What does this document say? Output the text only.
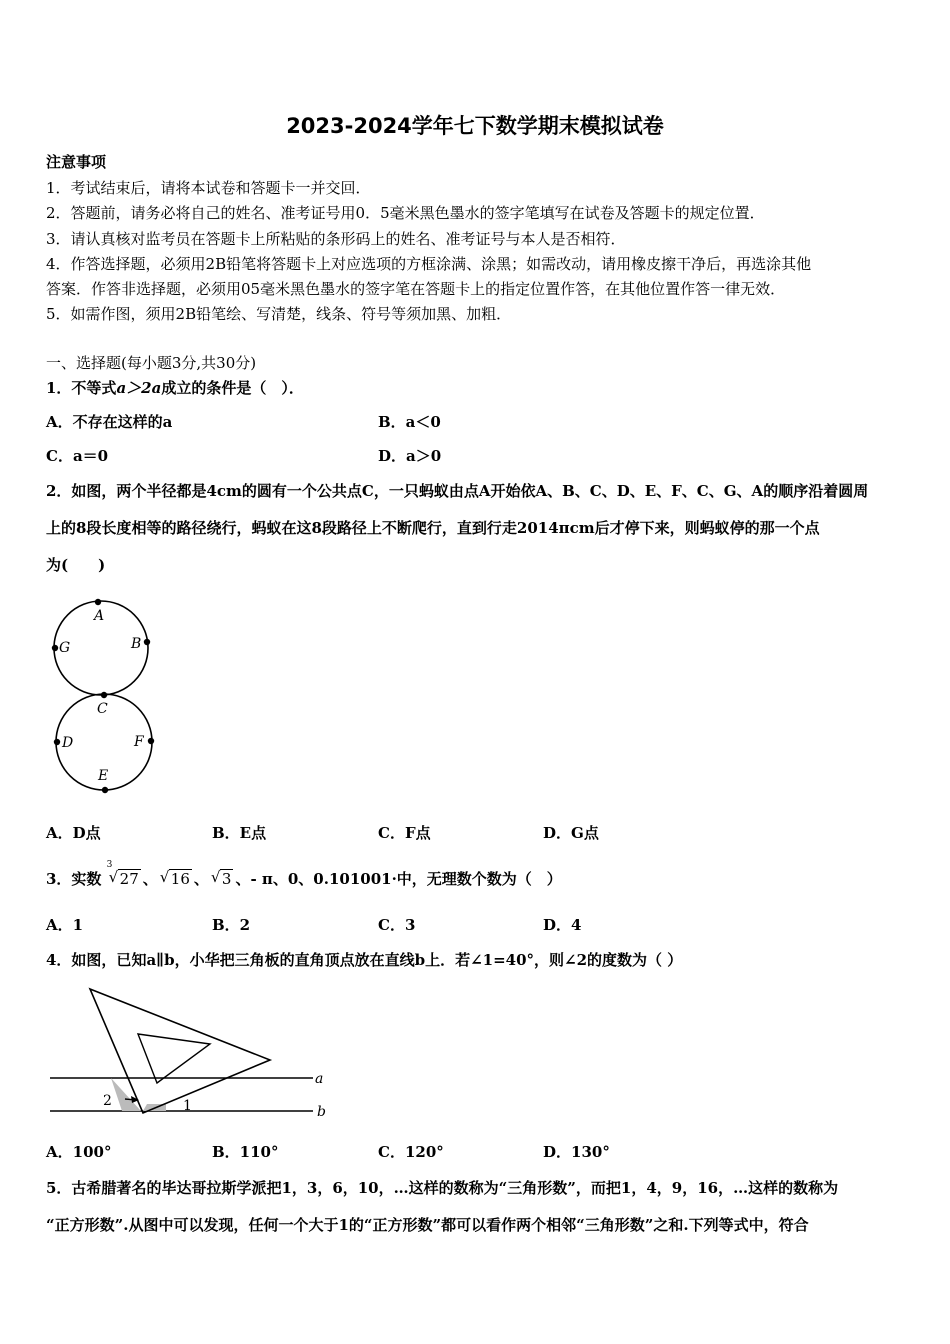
2023-2024学年七下数学期末模拟试卷
注意事项
1．考试结束后，请将本试卷和答题卡一并交回．
2．答题前，请务必将自己的姓名、准考证号用0．5毫米黑色墨水的签字笔填写在试卷及答题卡的规定位置．
3．请认真核对监考员在答题卡上所粘贴的条形码上的姓名、准考证号与本人是否相符．
4．作答选择题，必须用2B铅笔将答题卡上对应选项的方框涂满、涂黑；如需改动，请用橡皮擦干净后，再选涂其他
答案．作答非选择题，必须用05毫米黑色墨水的签字笔在答题卡上的指定位置作答，在其他位置作答一律无效．
5．如需作图，须用2B铅笔绘、写清楚，线条、符号等须加黑、加粗．
一、选择题(每小题3分,共30分)
1．不等式a＞2a成立的条件是（　）．
A．不存在这样的a	B．a＜0
C．a＝0	D．a＞0
2．如图，两个半径都是4cm的圆有一个公共点C，一只蚂蚁由点A开始依A、B、C、D、E、F、C、G、A的顺序沿着圆周
上的8段长度相等的路径绕行，蚂蚁在这8段路径上不断爬行，直到行走2014πcm后才停下来，则蚂蚁停的那一个点
为(　　)
A
B
G
C
D	F
E
A．D点	B．E点	C．F点	D．G点
3．实数
3
√ 27 、 √ 16 、 √ 3 、- π、0、0.101001·中，无理数个数为（　）
A．1	B．2	C．3	D．4
4．如图，已知a∥b，小华把三角板的直角顶点放在直线b上．若∠1=40°，则∠2的度数为（ ）
a
b
1
2
A．100°	B．110°	C．120°	D．130°
5．古希腊著名的毕达哥拉斯学派把1，3，6，10，…这样的数称为“三角形数”，而把1，4，9，16，…这样的数称为
“正方形数”.从图中可以发现，任何一个大于1的“正方形数”都可以看作两个相邻“三角形数”之和.下列等式中，符合
